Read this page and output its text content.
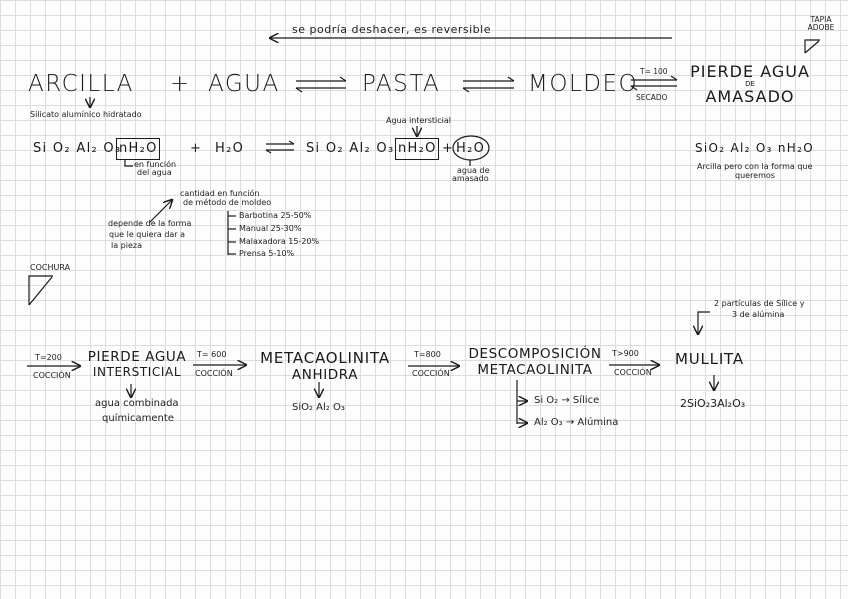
se podría deshacer, es reversible
TAPIA ADOBE
ARCILLA + AGUA	PASTA	MOLDEO T= 100
SECADO
PIERDE AGUA
DE
AMASADO
Silicato alumínico hidratado
Si O₂ Al₂ O₃
nH₂O + H₂O	Si O₂ Al₂ O₃ nH₂O + H₂O
Agua intersticial
en función
del agua	agua de
amasado
SiO₂ Al₂ O₃ nH₂O
Arcilla pero con la forma que
queremos
cantidad en función
de método de moldeo
depende de la forma
que le quiera dar a
la pieza
Barbotina 25-50%
Manual 25-30%
Malaxadora 15-20%
Prensa 5-10%
COCHURA
T=200
COCCIÓN
PIERDE AGUA
INTERSTICIAL
agua combinada
químicamente
T= 600
COCCIÓN
METACAOLINITA
ANHIDRA
SiO₂ Al₂ O₃
T=800
COCCIÓN
DESCOMPOSICIÓN
METACAOLINITA
Si O₂ → Sílice
Al₂ O₃ → Alúmina
T>900
COCCIÓN
MULLITA
2SiO₂3Al₂O₃
2 partículas de Sílice y
3 de alúmina
